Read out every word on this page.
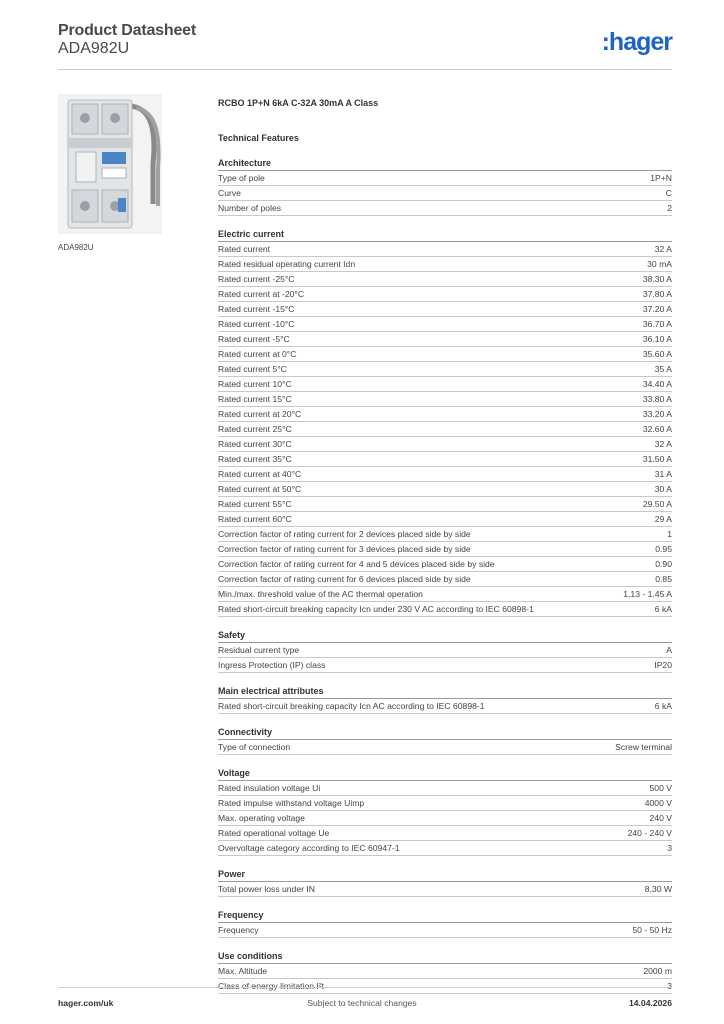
Product Datasheet
ADA982U	:hager
ADA982U
RCBO 1P+N 6kA C-32A 30mA A Class
Technical Features
Architecture
Type of pole	1P+N
Curve	C
Number of poles	2
Electric current
Rated current	32 A
Rated residual operating current Idn	30 mA
Rated current -25°C	38.30 A
Rated current at -20°C	37.80 A
Rated current -15°C	37.20 A
Rated current -10°C	36.70 A
Rated current -5°C	36.10 A
Rated current at 0°C	35.60 A
Rated current 5°C	35 A
Rated current 10°C	34.40 A
Rated current 15°C	33.80 A
Rated current at 20°C	33.20 A
Rated current 25°C	32.60 A
Rated current 30°C	32 A
Rated current 35°C	31.50 A
Rated current at 40°C	31 A
Rated current at 50°C	30 A
Rated current 55°C	29.50 A
Rated current 60°C	29 A
Correction factor of rating current for 2 devices placed side by side	1
Correction factor of rating current for 3 devices placed side by side	0.95
Correction factor of rating current for 4 and 5 devices placed side by side	0.90
Correction factor of rating current for 6 devices placed side by side	0.85
Min./max. threshold value of the AC thermal operation	1.13 - 1.45 A
Rated short-circuit breaking capacity Icn under 230 V AC according to IEC 60898-1	6 kA
Safety
Residual current type	A
Ingress Protection (IP) class	IP20
Main electrical attributes
Rated short-circuit breaking capacity Icn AC according to IEC 60898-1	6 kA
Connectivity
Type of connection	Screw terminal
Voltage
Rated insulation voltage Ui	500 V
Rated impulse withstand voltage Uimp	4000 V
Max. operating voltage	240 V
Rated operational voltage Ue	240 - 240 V
Overvoltage category according to IEC 60947-1	3
Power
Total power loss under IN	8.30 W
Frequency
Frequency	50 - 50 Hz
Use conditions
Max. Altitude	2000 m
Class of energy limitation I²t	3
hager.com/uk	Subject to technical changes	14.04.2026
